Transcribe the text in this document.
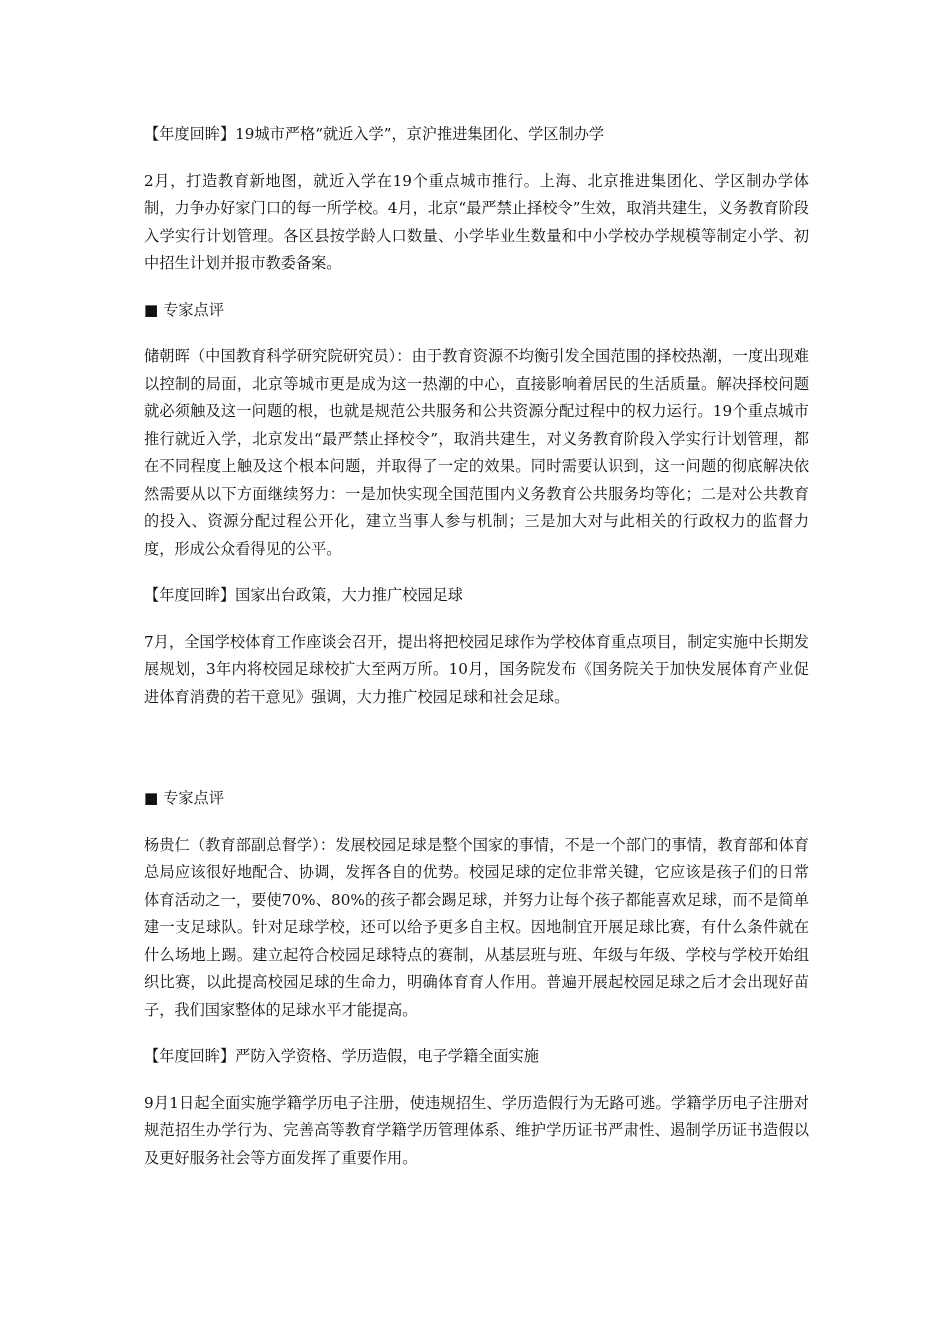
【年度回眸】19城市严格“就近入学”，京沪推进集团化、学区制办学

2月，打造教育新地图，就近入学在19个重点城市推行。上海、北京推进集团化、学区制办学体制，力争办好家门口的每一所学校。4月，北京“最严禁止择校令”生效，取消共建生，义务教育阶段入学实行计划管理。各区县按学龄人口数量、小学毕业生数量和中小学校办学规模等制定小学、初中招生计划并报市教委备案。

■ 专家点评

储朝晖（中国教育科学研究院研究员）：由于教育资源不均衡引发全国范围的择校热潮，一度出现难以控制的局面，北京等城市更是成为这一热潮的中心，直接影响着居民的生活质量。解决择校问题就必须触及这一问题的根，也就是规范公共服务和公共资源分配过程中的权力运行。19个重点城市推行就近入学，北京发出“最严禁止择校令”，取消共建生，对义务教育阶段入学实行计划管理，都在不同程度上触及这个根本问题，并取得了一定的效果。同时需要认识到，这一问题的彻底解决依然需要从以下方面继续努力：一是加快实现全国范围内义务教育公共服务均等化；二是对公共教育的投入、资源分配过程公开化，建立当事人参与机制；三是加大对与此相关的行政权力的监督力度，形成公众看得见的公平。

【年度回眸】国家出台政策，大力推广校园足球

7月，全国学校体育工作座谈会召开，提出将把校园足球作为学校体育重点项目，制定实施中长期发展规划，3年内将校园足球校扩大至两万所。10月，国务院发布《国务院关于加快发展体育产业促进体育消费的若干意见》强调，大力推广校园足球和社会足球。

■ 专家点评

杨贵仁（教育部副总督学）：发展校园足球是整个国家的事情，不是一个部门的事情，教育部和体育总局应该很好地配合、协调，发挥各自的优势。校园足球的定位非常关键，它应该是孩子们的日常体育活动之一，要使70%、80%的孩子都会踢足球，并努力让每个孩子都能喜欢足球，而不是简单建一支足球队。针对足球学校，还可以给予更多自主权。因地制宜开展足球比赛，有什么条件就在什么场地上踢。建立起符合校园足球特点的赛制，从基层班与班、年级与年级、学校与学校开始组织比赛，以此提高校园足球的生命力，明确体育育人作用。普遍开展起校园足球之后才会出现好苗子，我们国家整体的足球水平才能提高。

【年度回眸】严防入学资格、学历造假，电子学籍全面实施

9月1日起全面实施学籍学历电子注册，使违规招生、学历造假行为无路可逃。学籍学历电子注册对规范招生办学行为、完善高等教育学籍学历管理体系、维护学历证书严肃性、遏制学历证书造假以及更好服务社会等方面发挥了重要作用。
